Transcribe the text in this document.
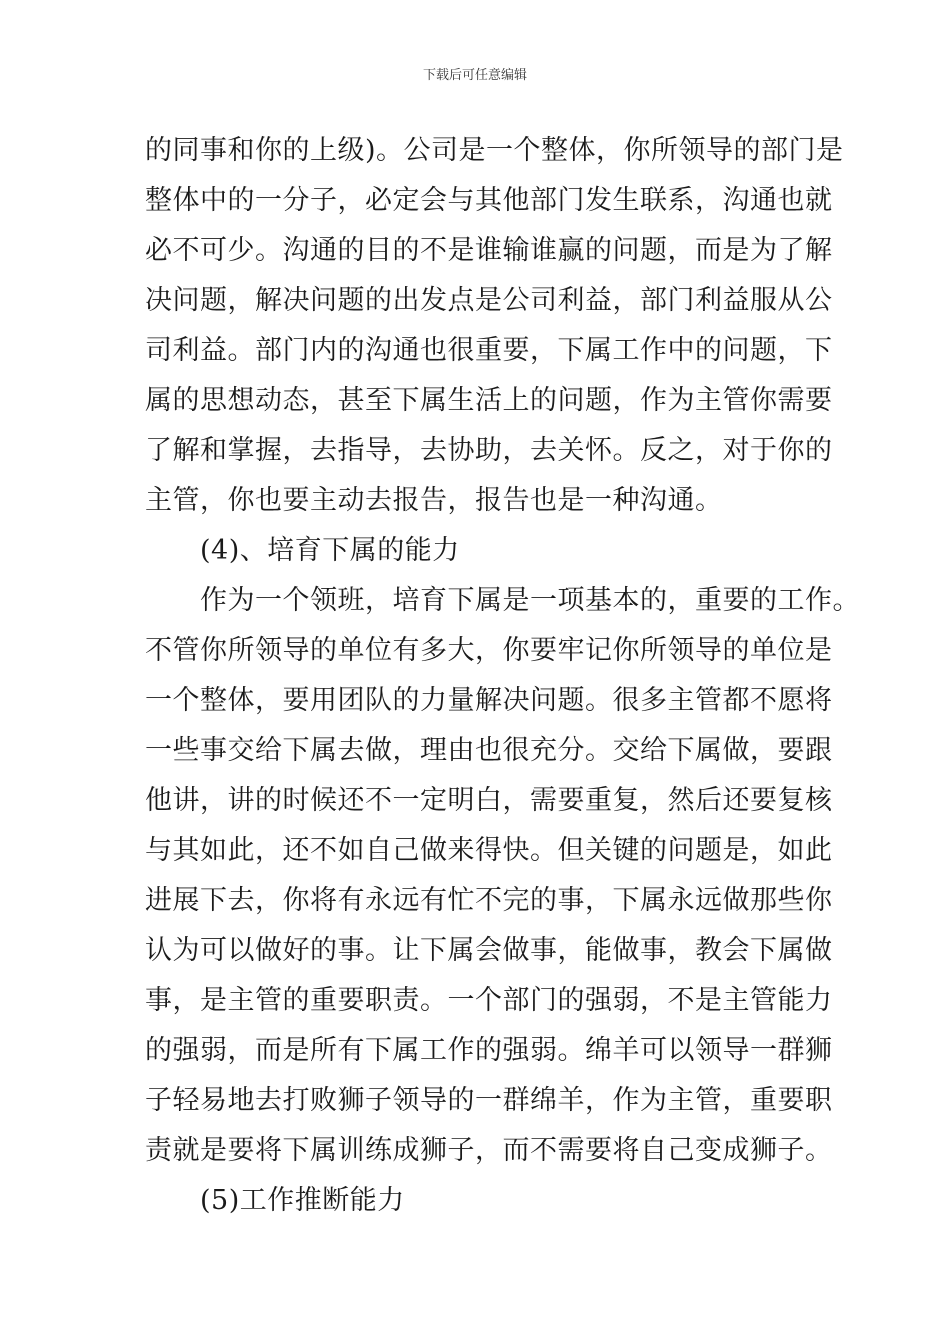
下载后可任意编辑
的同事和你的上级)。公司是一个整体，你所领导的部门是
整体中的一分子，必定会与其他部门发生联系，沟通也就
必不可少。沟通的目的不是谁输谁赢的问题，而是为了解
决问题，解决问题的出发点是公司利益，部门利益服从公
司利益。部门内的沟通也很重要，下属工作中的问题，下
属的思想动态，甚至下属生活上的问题，作为主管你需要
了解和掌握，去指导，去协助，去关怀。反之，对于你的
主管，你也要主动去报告，报告也是一种沟通。
(4)、培育下属的能力
作为一个领班，培育下属是一项基本的，重要的工作。
不管你所领导的单位有多大，你要牢记你所领导的单位是
一个整体，要用团队的力量解决问题。很多主管都不愿将
一些事交给下属去做，理由也很充分。交给下属做，要跟
他讲，讲的时候还不一定明白，需要重复，然后还要复核
与其如此，还不如自己做来得快。但关键的问题是，如此
进展下去，你将有永远有忙不完的事，下属永远做那些你
认为可以做好的事。让下属会做事，能做事，教会下属做
事，是主管的重要职责。一个部门的强弱，不是主管能力
的强弱，而是所有下属工作的强弱。绵羊可以领导一群狮
子轻易地去打败狮子领导的一群绵羊，作为主管，重要职
责就是要将下属训练成狮子，而不需要将自己变成狮子。
(5)工作推断能力
